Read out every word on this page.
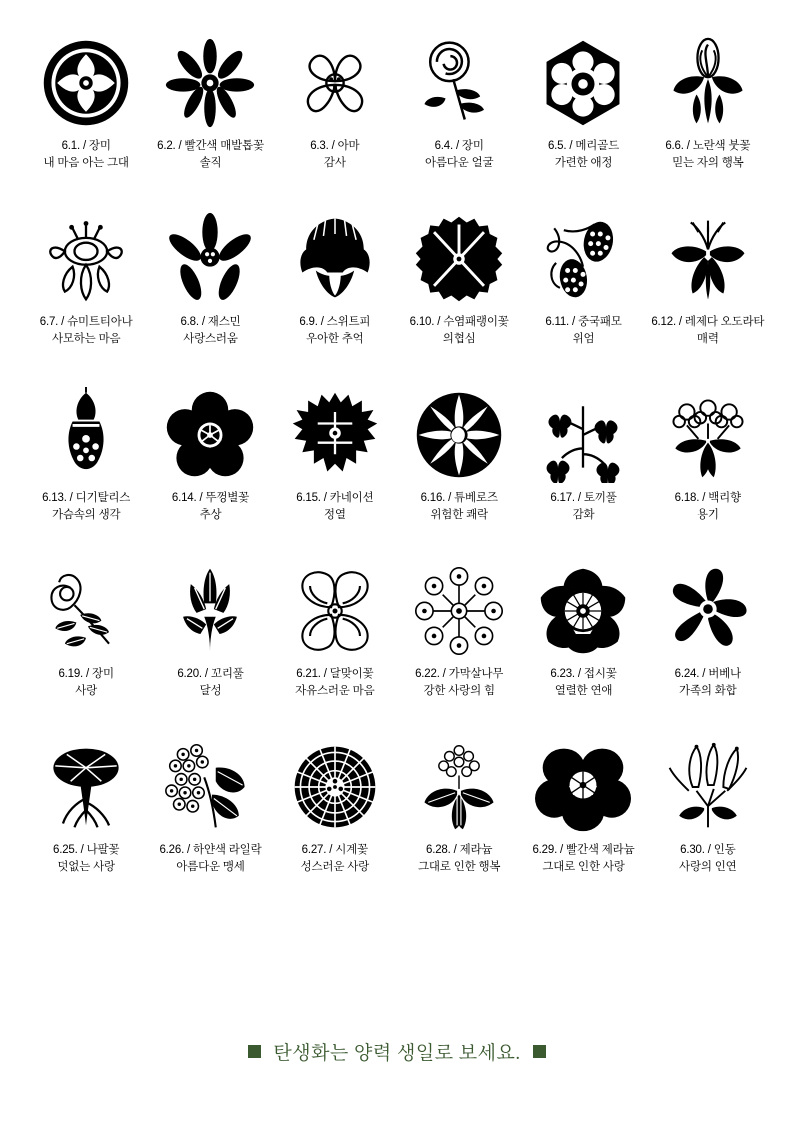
6.1. / 장미
내 마음 아는 그대
6.2. / 빨간색 매발톱꽃
솔직
6.3. / 아마
감사
6.4. / 장미
아름다운 얼굴
6.5. / 메리골드
가련한 애정
6.6. / 노란색 붓꽃
믿는 자의 행복
6.7. / 슈미트티아나
사모하는 마음
6.8. / 재스민
사랑스러움
6.9. / 스위트피
우아한 추억
6.10. / 수염패랭이꽃
의협심
6.11. / 중국패모
위엄
6.12. / 레제다 오도라타
매력
6.13. / 디기탈리스
가슴속의 생각
6.14. / 뚜껑별꽃
추상
6.15. / 카네이션
정열
6.16. / 튜베로즈
위험한 쾌락
6.17. / 토끼풀
감화
6.18. / 백리향
용기
6.19. / 장미
사랑
6.20. / 꼬리풀
달성
6.21. / 달맞이꽃
자유스러운 마음
6.22. / 가막살나무
강한 사랑의 힘
6.23. / 접시꽃
열렬한 연애
6.24. / 버베나
가족의 화합
6.25. / 나팔꽃
덧없는 사랑
6.26. / 하얀색 라일락
아름다운 맹세
6.27. / 시계꽃
성스러운 사랑
6.28. / 제라늄
그대로 인한 행복
6.29. / 빨간색 제라늄
그대로 인한 사랑
6.30. / 인동
사랑의 인연
탄생화는 양력 생일로 보세요.
